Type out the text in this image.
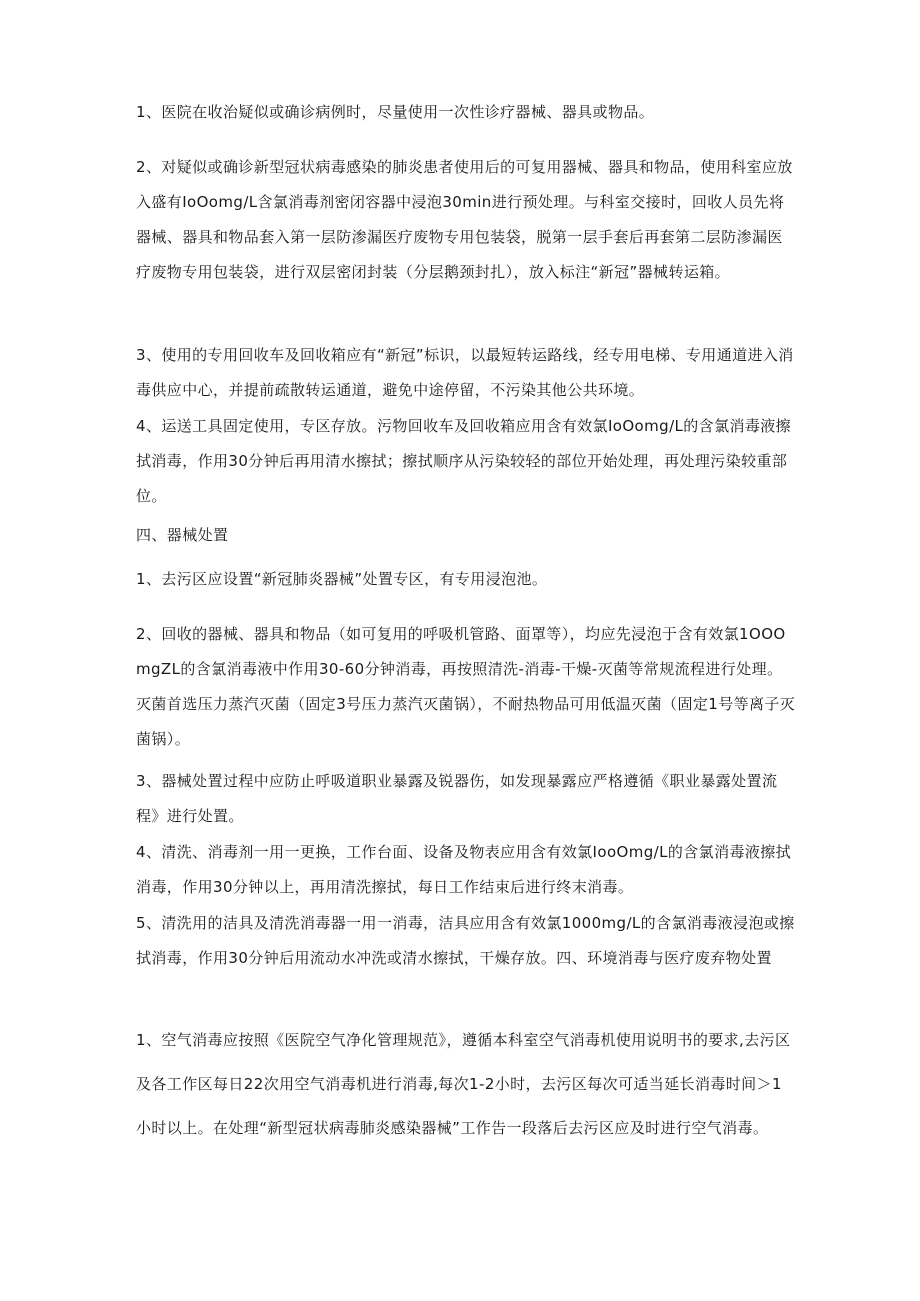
1、医院在收治疑似或确诊病例时，尽量使用一次性诊疗器械、器具或物品。

2、对疑似或确诊新型冠状病毒感染的肺炎患者使用后的可复用器械、器具和物品，使用科室应放入盛有IoOomg/L含氯消毒剂密闭容器中浸泡30min进行预处理。与科室交接时，回收人员先将器械、器具和物品套入第一层防渗漏医疗废物专用包装袋，脱第一层手套后再套第二层防渗漏医疗废物专用包装袋，进行双层密闭封装（分层鹅颈封扎），放入标注“新冠”器械转运箱。

3、使用的专用回收车及回收箱应有“新冠”标识，以最短转运路线，经专用电梯、专用通道进入消毒供应中心，并提前疏散转运通道，避免中途停留，不污染其他公共环境。

4、运送工具固定使用，专区存放。污物回收车及回收箱应用含有效氯IoOomg/L的含氯消毒液擦拭消毒，作用30分钟后再用清水擦拭；擦拭顺序从污染较轻的部位开始处理，再处理污染较重部位。

四、器械处置

1、去污区应设置“新冠肺炎器械”处置专区，有专用浸泡池。

2、回收的器械、器具和物品（如可复用的呼吸机管路、面罩等），均应先浸泡于含有效氯1OOOmgZL的含氯消毒液中作用30-60分钟消毒，再按照清洗-消毒-干燥-灭菌等常规流程进行处理。灭菌首选压力蒸汽灭菌（固定3号压力蒸汽灭菌锅），不耐热物品可用低温灭菌（固定1号等离子灭菌锅）。

3、器械处置过程中应防止呼吸道职业暴露及锐器伤，如发现暴露应严格遵循《职业暴露处置流程》进行处置。

4、清洗、消毒剂一用一更换，工作台面、设备及物表应用含有效氯IooOmg/L的含氯消毒液擦拭消毒，作用30分钟以上，再用清洗擦拭，每日工作结束后进行终末消毒。

5、清洗用的洁具及清洗消毒器一用一消毒，洁具应用含有效氯1000mg∕L的含氯消毒液浸泡或擦拭消毒，作用30分钟后用流动水冲洗或清水擦拭，干燥存放。四、环境消毒与医疗废弃物处置

1、空气消毒应按照《医院空气净化管理规范》，遵循本科室空气消毒机使用说明书的要求,去污区及各工作区每日22次用空气消毒机进行消毒,每次1-2小时，去污区每次可适当延长消毒时间＞1小时以上。在处理“新型冠状病毒肺炎感染器械”工作告一段落后去污区应及时进行空气消毒。
